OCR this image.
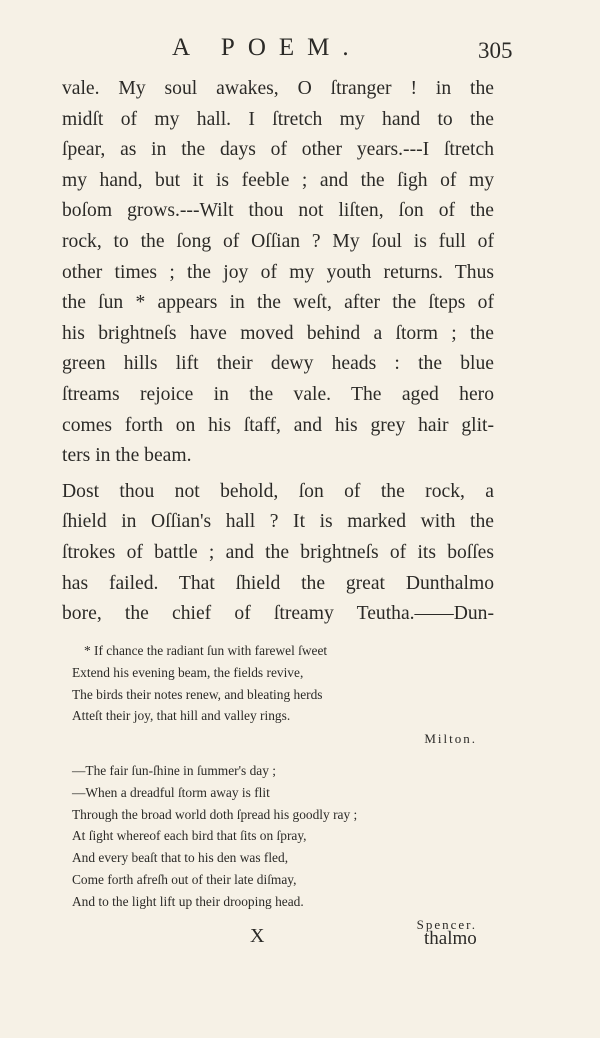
A POEM.	305
vale. My soul awakes, O ſtranger ! in the
midſt of my hall. I ſtretch my hand to the
ſpear, as in the days of other years.---I ſtretch
my hand, but it is feeble ; and the ſigh of my
boſom grows.---Wilt thou not liſten, ſon of the
rock, to the ſong of Oſſian ? My ſoul is full of
other times ; the joy of my youth returns. Thus
the ſun * appears in the weſt, after the ſteps of
his brightneſs have moved behind a ſtorm ; the
green hills lift their dewy heads : the blue
ſtreams rejoice in the vale. The aged hero
comes forth on his ſtaff, and his grey hair glit-
ters in the beam.
Dost thou not behold, ſon of the rock, a
ſhield in Oſſian's hall ? It is marked with the
ſtrokes of battle ; and the brightneſs of its boſſes
has failed. That ſhield the great Dunthalmo
bore, the chief of ſtreamy Teutha.——Dun-
* If chance the radiant ſun with farewel ſweet
Extend his evening beam, the fields revive,
The birds their notes renew, and bleating herds
Atteſt their joy, that hill and valley rings.
Milton.
—The fair ſun-ſhine in ſummer's day ;
—When a dreadful ſtorm away is flit
Through the broad world doth ſpread his goodly ray ;
At ſight whereof each bird that ſits on ſpray,
And every beaſt that to his den was fled,
Come forth afreſh out of their late diſmay,
And to the light lift up their drooping head.
Spencer.
X	thalmo
